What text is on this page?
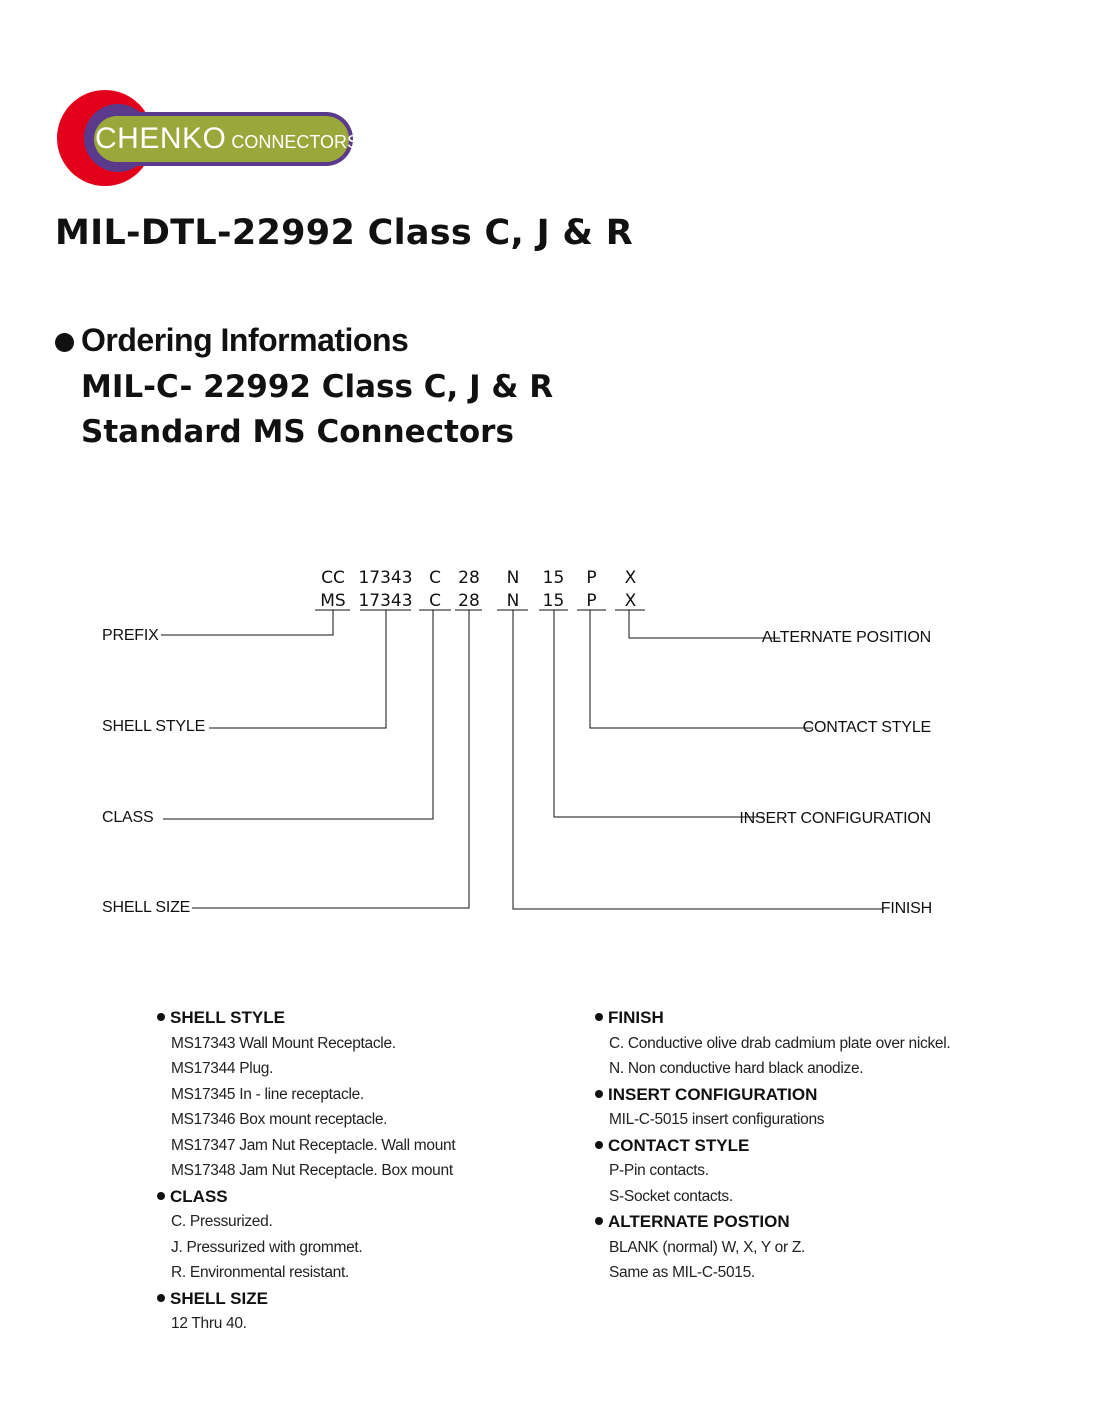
CHENKO CONNECTORS
MIL-DTL-22992 Class C, J & R
Ordering Informations
MIL-C- 22992 Class C, J & R
Standard MS Connectors
CC 17343 C	28	N	15	P	X
MS 17343 C	28	N	15	P	X
PREFIX
SHELL STYLE
CLASS
SHELL SIZE
ALTERNATE POSITION
CONTACT STYLE
INSERT CONFIGURATION
FINISH
SHELL STYLE
MS17343 Wall Mount Receptacle.
MS17344 Plug.
MS17345 In - line receptacle.
MS17346 Box mount receptacle.
MS17347 Jam Nut Receptacle. Wall mount
MS17348 Jam Nut Receptacle. Box mount
CLASS
C. Pressurized.
J. Pressurized with grommet.
R. Environmental resistant.
SHELL SIZE
12 Thru 40.
FINISH
C. Conductive olive drab cadmium plate over nickel.
N. Non conductive hard black anodize.
INSERT CONFIGURATION
MIL-C-5015 insert configurations
CONTACT STYLE
P-Pin contacts.
S-Socket contacts.
ALTERNATE POSTION
BLANK (normal) W, X, Y or Z.
Same as MIL-C-5015.
